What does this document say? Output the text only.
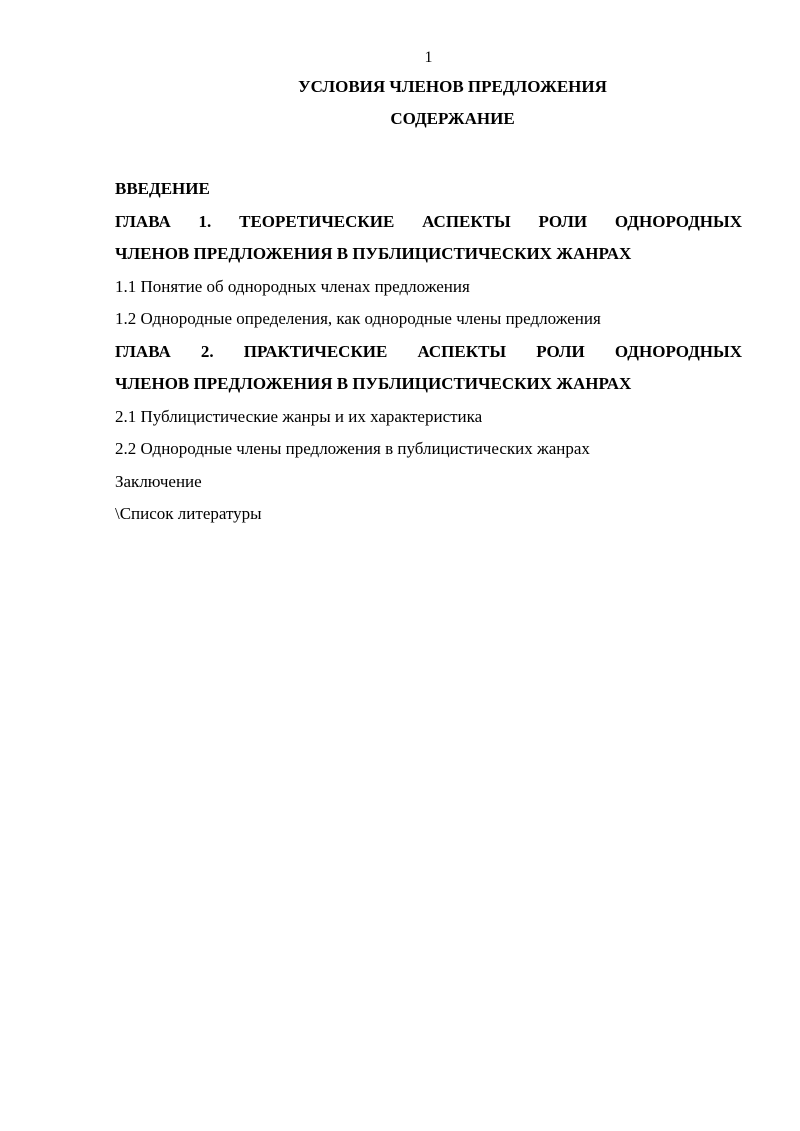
1
УСЛОВИЯ ЧЛЕНОВ ПРЕДЛОЖЕНИЯ
СОДЕРЖАНИЕ

ВВЕДЕНИЕ

ГЛАВА 1. ТЕОРЕТИЧЕСКИЕ АСПЕКТЫ РОЛИ ОДНОРОДНЫХ
ЧЛЕНОВ ПРЕДЛОЖЕНИЯ В ПУБЛИЦИСТИЧЕСКИХ ЖАНРАХ

1.1 Понятие об однородных членах предложения

1.2 Однородные определения, как однородные члены предложения

ГЛАВА 2. ПРАКТИЧЕСКИЕ АСПЕКТЫ РОЛИ ОДНОРОДНЫХ
ЧЛЕНОВ ПРЕДЛОЖЕНИЯ В ПУБЛИЦИСТИЧЕСКИХ ЖАНРАХ

2.1 Публицистические жанры и их характеристика

2.2 Однородные члены предложения в публицистических жанрах

Заключение

\Список литературы
